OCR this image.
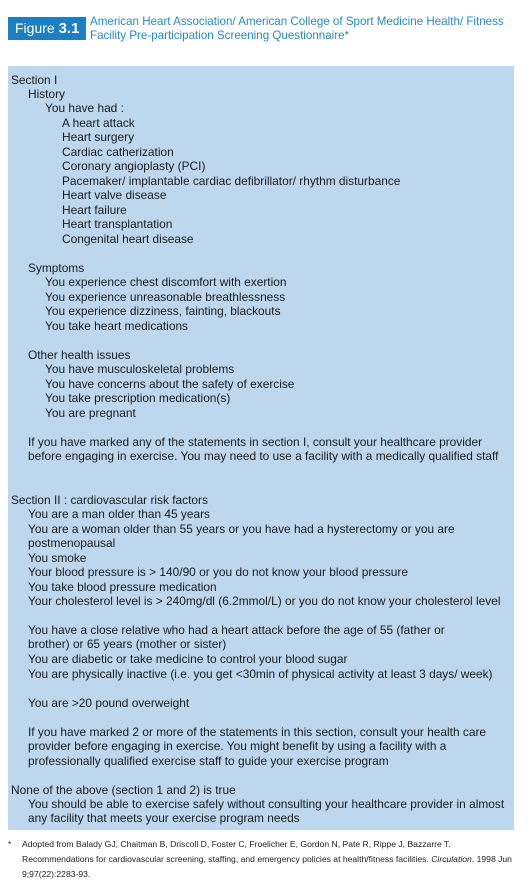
Figure 3.1 American Heart Association/ American College of Sport Medicine Health/ Fitness Facility Pre-participation Screening Questionnaire*
Section I
History
You have had :
A heart attack
Heart surgery
Cardiac catherization
Coronary angioplasty (PCI)
Pacemaker/ implantable cardiac defibrillator/ rhythm disturbance
Heart valve disease
Heart failure
Heart transplantation
Congenital heart disease
Symptoms
You experience chest discomfort with exertion
You experience unreasonable breathlessness
You experience dizziness, fainting, blackouts
You take heart medications
Other health issues
You have musculoskeletal problems
You have concerns about the safety of exercise
You take prescription medication(s)
You are pregnant
If you have marked any of the statements in section I, consult your healthcare provider before engaging in exercise. You may need to use a facility with a medically qualified staff
Section II : cardiovascular risk factors
You are a man older than 45 years
You are a woman older than 55 years or you have had a hysterectomy or you are postmenopausal
You smoke
Your blood pressure is > 140/90 or you do not know your blood pressure
You take blood pressure medication
Your cholesterol level is > 240mg/dl (6.2mmol/L) or you do not know your cholesterol level
You have a close relative who had a heart attack before the age of 55 (father or brother) or 65 years (mother or sister)
You are diabetic or take medicine to control your blood sugar
You are physically inactive (i.e. you get <30min of physical activity at least 3 days/ week)
You are >20 pound overweight
If you have marked 2 or more of the statements in this section, consult your health care provider before engaging in exercise. You might benefit by using a facility with a professionally qualified exercise staff to guide your exercise program
None of the above (section 1 and 2) is true
You should be able to exercise safely without consulting your healthcare provider in almost any facility that meets your exercise program needs
* Adopted from Balady GJ, Chaitman B, Driscoll D, Foster C, Froelicher E, Gordon N, Pate R, Rippe J, Bazzarre T. Recommendations for cardiovascular screening, staffing, and emergency policies at health/fitness facilities. Circulation. 1998 Jun 9;97(22):2283-93.
